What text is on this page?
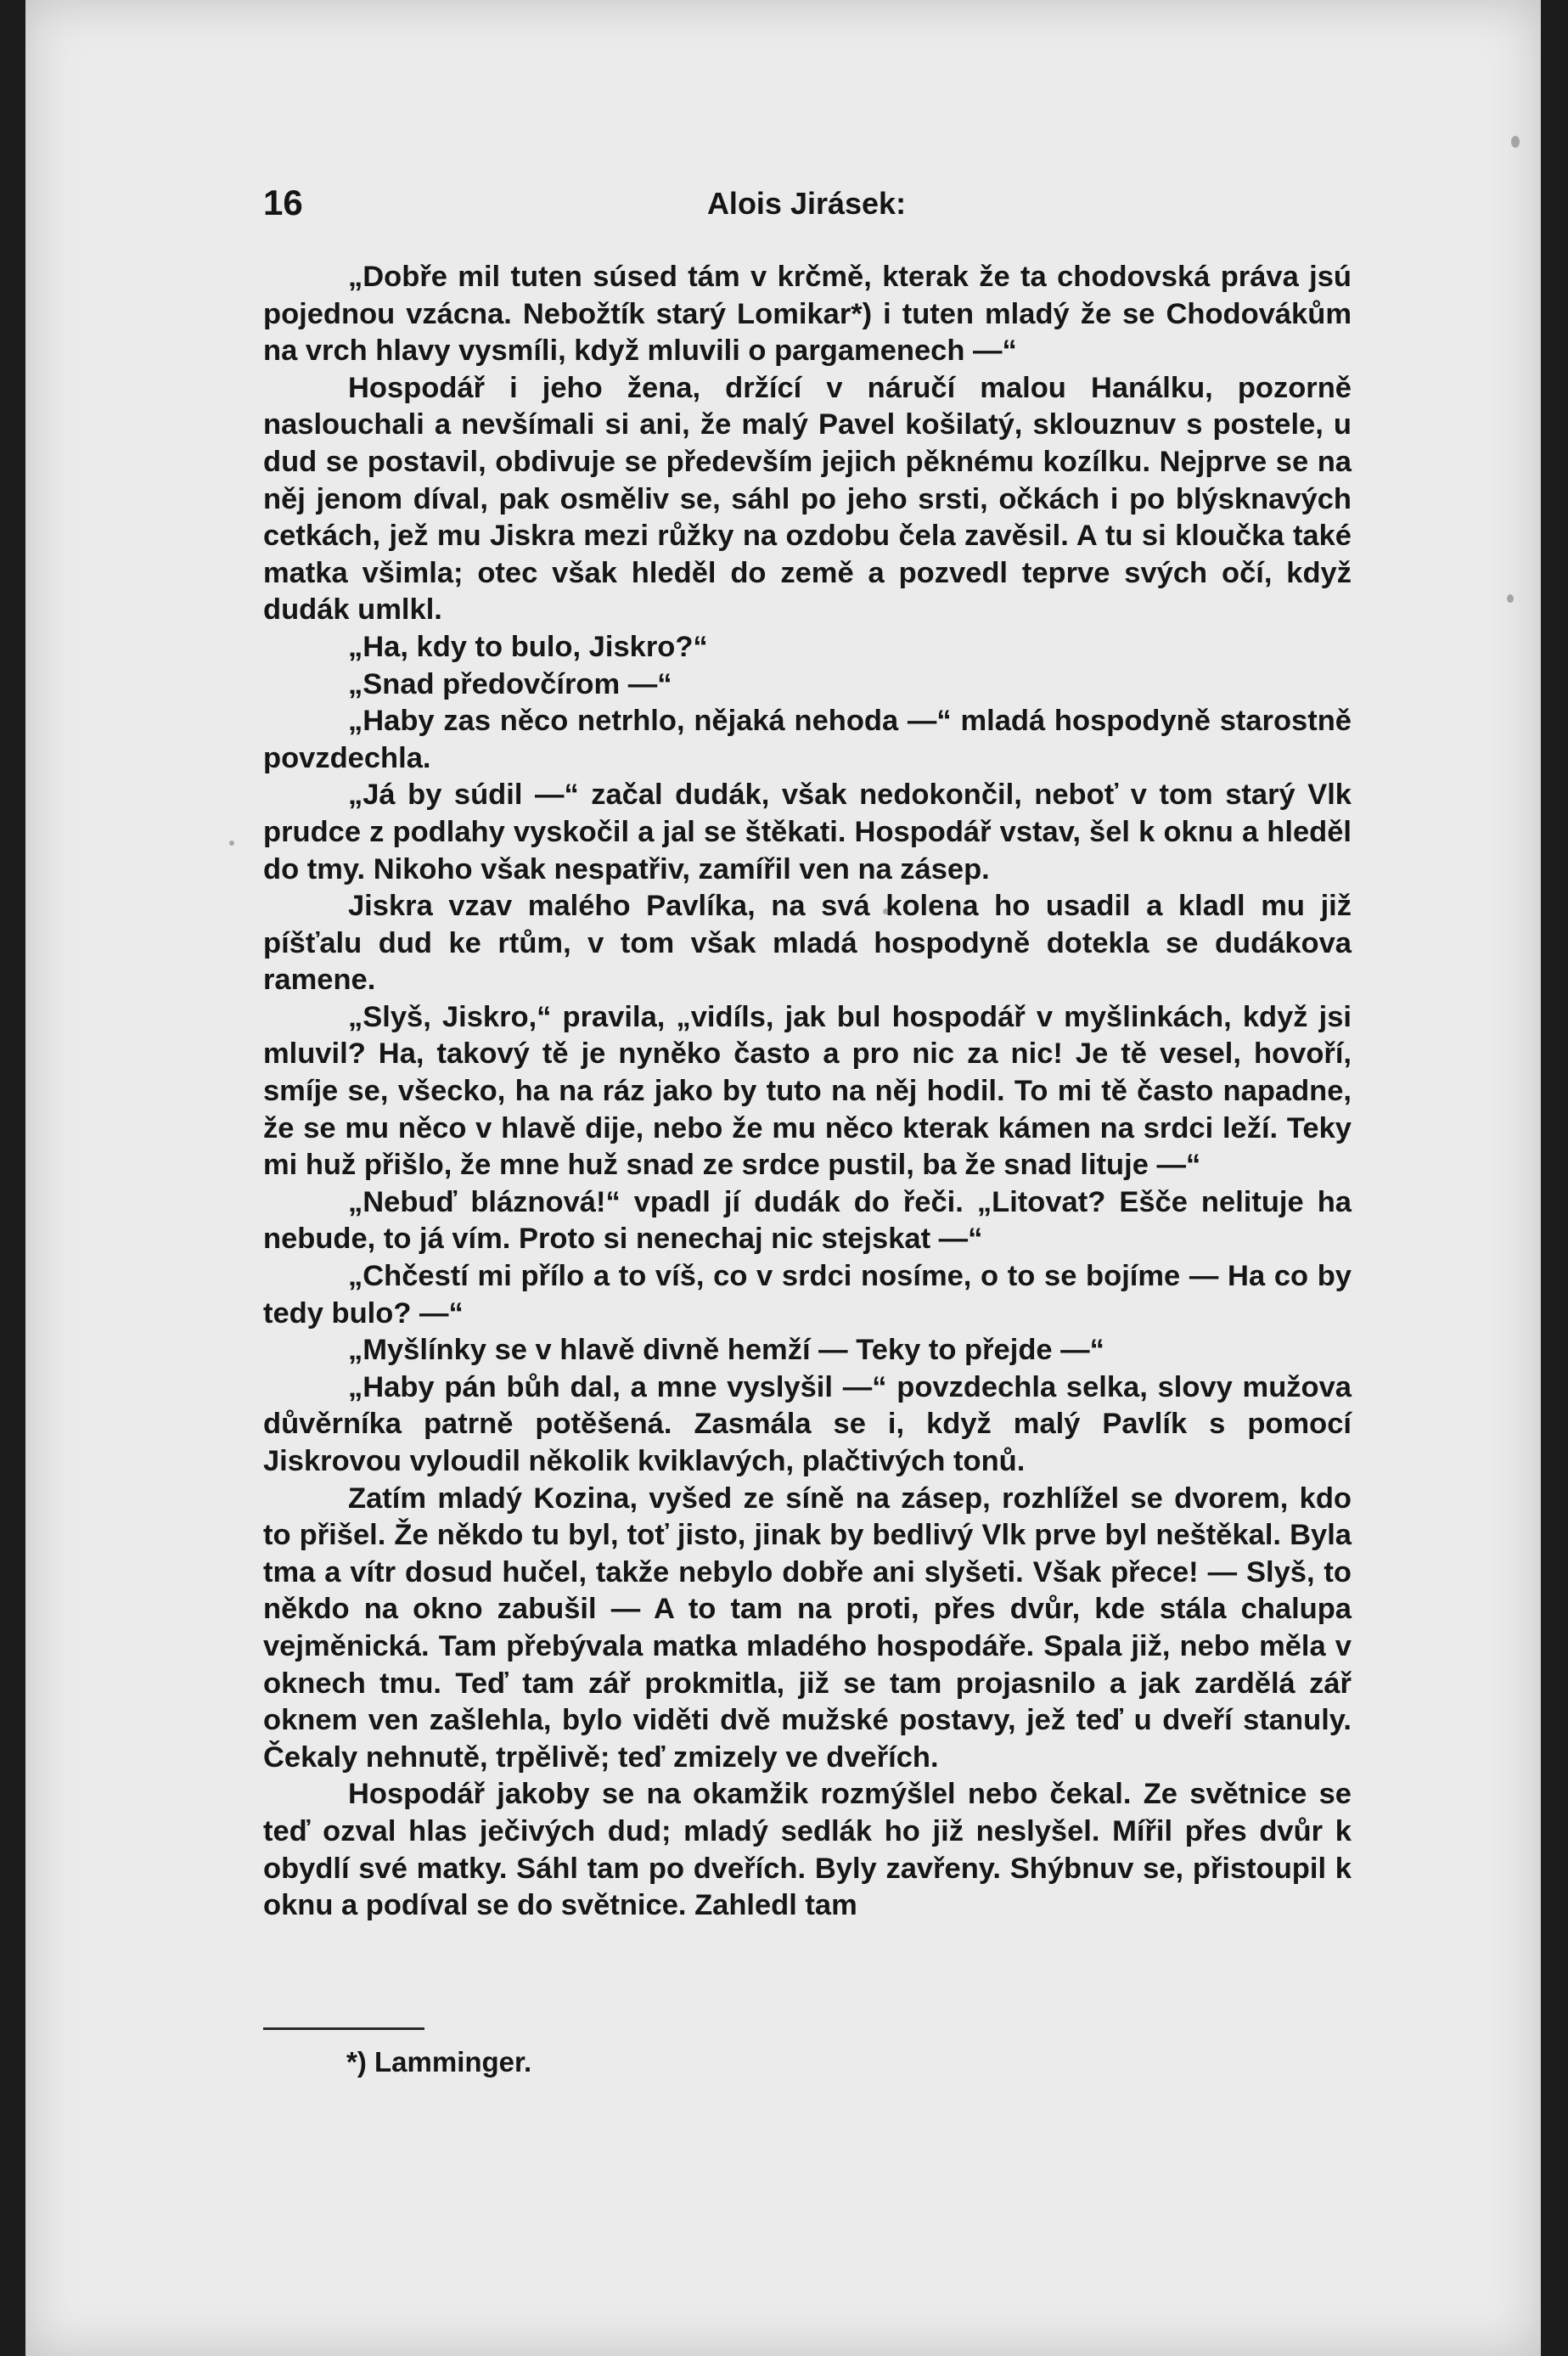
16	Alois Jirásek:

„Dobře mil tuten súsed tám v krčmě, kterak že ta chodovská práva jsú pojednou vzácna. Nebožtík starý Lomikar*) i tuten mladý že se Chodovákům na vrch hlavy vysmíli, když mluvili o pargamenech —“

Hospodář i jeho žena, držící v náručí malou Hanálku, pozorně naslouchali a nevšímali si ani, že malý Pavel košilatý, sklouznuv s postele, u dud se postavil, obdivuje se především jejich pěknému kozílku. Nejprve se na něj jenom díval, pak osměliv se, sáhl po jeho srsti, očkách i po blýsknavých cetkách, jež mu Jiskra mezi růžky na ozdobu čela zavěsil. A tu si kloučka také matka všimla; otec však hleděl do země a pozvedl teprve svých očí, když dudák umlkl.

„Ha, kdy to bulo, Jiskro?“

„Snad předovčírom —“

„Haby zas něco netrhlo, nějaká nehoda —“ mladá hospodyně starostně povzdechla.

„Já by súdil —“ začal dudák, však nedokončil, neboť v tom starý Vlk prudce z podlahy vyskočil a jal se štěkati. Hospodář vstav, šel k oknu a hleděl do tmy. Nikoho však nespatřiv, zamířil ven na zásep.

Jiskra vzav malého Pavlíka, na svá kolena ho usadil a kladl mu již píšťalu dud ke rtům, v tom však mladá hospodyně dotekla se dudákova ramene.

„Slyš, Jiskro,“ pravila, „vidíls, jak bul hospodář v myšlinkách, když jsi mluvil? Ha, takový tě je nyněko často a pro nic za nic! Je tě vesel, hovoří, smíje se, všecko, ha na ráz jako by tuto na něj hodil. To mi tě často napadne, že se mu něco v hlavě dije, nebo že mu něco kterak kámen na srdci leží. Teky mi huž přišlo, že mne huž snad ze srdce pustil, ba že snad lituje —“

„Nebuď bláznová!“ vpadl jí dudák do řeči. „Litovat? Ešče nelituje ha nebude, to já vím. Proto si nenechaj nic stejskat —“

„Chčestí mi přílo a to víš, co v srdci nosíme, o to se bojíme — Ha co by tedy bulo? —“

„Myšlínky se v hlavě divně hemží — Teky to přejde —“

„Haby pán bůh dal, a mne vyslyšil —“ povzdechla selka, slovy mužova důvěrníka patrně potěšená. Zasmála se i, když malý Pavlík s pomocí Jiskrovou vyloudil několik kviklavých, plačtivých tonů.

Zatím mladý Kozina, vyšed ze síně na zásep, rozhlížel se dvorem, kdo to přišel. Že někdo tu byl, toť jisto, jinak by bedlivý Vlk prve byl neštěkal. Byla tma a vítr dosud hučel, takže nebylo dobře ani slyšeti. Však přece! — Slyš, to někdo na okno zabušil — A to tam na proti, přes dvůr, kde stála chalupa vejměnická. Tam přebývala matka mladého hospodáře. Spala již, nebo měla v oknech tmu. Teď tam zář prokmitla, již se tam projasnilo a jak zardělá zář oknem ven zašlehla, bylo viděti dvě mužské postavy, jež teď u dveří stanuly. Čekaly nehnutě, trpělivě; teď zmizely ve dveřích.

Hospodář jakoby se na okamžik rozmýšlel nebo čekal. Ze světnice se teď ozval hlas ječivých dud; mladý sedlák ho již neslyšel. Mířil přes dvůr k obydlí své matky. Sáhl tam po dveřích. Byly zavřeny. Shýbnuv se, přistoupil k oknu a podíval se do světnice. Zahledl tam

*) Lamminger.
